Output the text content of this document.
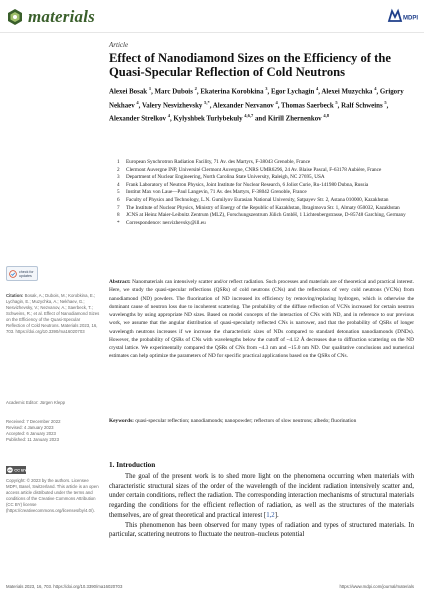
materials	MDPI
Article
Effect of Nanodiamond Sizes on the Efficiency of the Quasi-Specular Reflection of Cold Neutrons
Alexei Bosak $^1$, Marc Dubois $^2$, Ekaterina Korobkina $^3$, Egor Lychagin $^4$, Alexei Muzychka $^4$, Grigory Nekhaev $^4$, Valery Nesvizhevsky $^{5,*}$, Alexander Nezvanov $^4$, Thomas Saerbeck $^5$, Ralf Schweins $^5$, Alexander Strelkov $^4$, Kylyshbek Turlybekuly $^{4,6,7}$ and Kirill Zhernenkov $^{4,8}$
1	European Synchrotron Radiation Facility, 71 Av. des Martyrs, F-38043 Grenoble, France
2	Clermont Auvergne INP, Université Clermont Auvergne, CNRS UMR6296, 24 Av. Blaise Pascal, F-63178 Aubière, France
3	Department of Nuclear Engineering, North Carolina State University, Raleigh, NC 27695, USA
4	Frank Laboratory of Neutron Physics, Joint Institute for Nuclear Research, 6 Joliot Curie, Ru-141980 Dubna, Russia
5	Institut Max von Laue—Paul Langevin, 71 Av. des Martyrs, F-38042 Grenoble, France
6	Faculty of Physics and Technology, L.N. Gumilyov Eurasian National University, Satpayev Str. 2, Astana 010000, Kazakhstan
7	The Institute of Nuclear Physics, Ministry of Energy of the Republic of Kazakhstan, Ibragimova Str. 1, Almaty 050032, Kazakhstan
8	JCNS at Heinz Maier-Leibnitz Zentrum (MLZ), Forschungszentrum Jülich GmbH, 1 Lichtenbergstrasse, D-85748 Garching, Germany
*	Correspondence: nesvizhevsky@ill.eu
check for
updates
Citation: Bosak, A.; Dubois, M.; Korobkina, E.; Lychagin, E.; Muzychka, A.; Nekhaev, G.; Nesvizhevsky, V.; Nezvanov, A.; Saerbeck, T.; Schweins, R.; et al. Effect of Nanodiamond Sizes on the Efficiency of the Quasi-Specular Reflection of Cold Neutrons. Materials 2023, 16, 703. https://doi.org/10.3390/ma16020703
Academic Editor: Jürgen Klepp
Received: 7 December 2022
Revised: 4 January 2023
Accepted: 6 January 2023
Published: 11 January 2023
cc CC BY
Copyright: © 2023 by the authors. Licensee MDPI, Basel, Switzerland. This article is an open access article distributed under the terms and conditions of the Creative Commons Attribution (CC BY) license (https://creativecommons.org/licenses/by/4.0/).
Abstract: Nanomaterials can intensively scatter and/or reflect radiation. Such processes and materials are of theoretical and practical interest. Here, we study the quasi-specular reflections (QSRs) of cold neutrons (CNs) and the reflections of very cold neutrons (VCNs) from nanodiamond (ND) powders. The fluorination of ND increased its efficiency by removing/replacing hydrogen, which is otherwise the dominant cause of neutron loss due to incoherent scattering. The probability of the diffuse reflection of VCNs increased for certain neutron wavelengths by using appropriate ND sizes. Based on model concepts of the interaction of CNs with ND, and in reference to our previous work, we assume that the angular distribution of quasi-specularly reflected CNs is narrower, and that the probability of QSRs of longer wavelength neutrons increases if we increase the characteristic sizes of NDs compared to standard detonation nanodiamonds (DNDs). However, the probability of QSRs of CNs with wavelengths below the cutoff of ~4.12 Å decreases due to diffraction scattering on the ND crystal lattice. We experimentally compared the QSRs of CNs from ~4.3 nm and ~15.0 nm ND. Our qualitative conclusions and numerical estimates can help optimize the parameters of ND for specific practical applications based on the QSRs of CNs.
Keywords: quasi-specular reflection; nanodiamonds; nanopowder; reflectors of slow neutrons; albedo; fluorination
1. Introduction

The goal of the present work is to shed more light on the phenomena occurring when materials with characteristic structural sizes of the order of the wavelength of the incident radiation intensively scatter and, under certain conditions, reflect the radiation. The corresponding interaction mechanisms of structural materials regarding the conditions for the efficient reflection of radiation, as well as the structures of the materials themselves, are of great theoretical and practical interest [1,2].

This phenomenon has been observed for many types of radiation and types of structured materials. In particular, scattering neutrons to fluctuate the neutron–nucleus potential

Materials 2023, 16, 703. https://doi.org/10.3390/ma16020703	https://www.mdpi.com/journal/materials
